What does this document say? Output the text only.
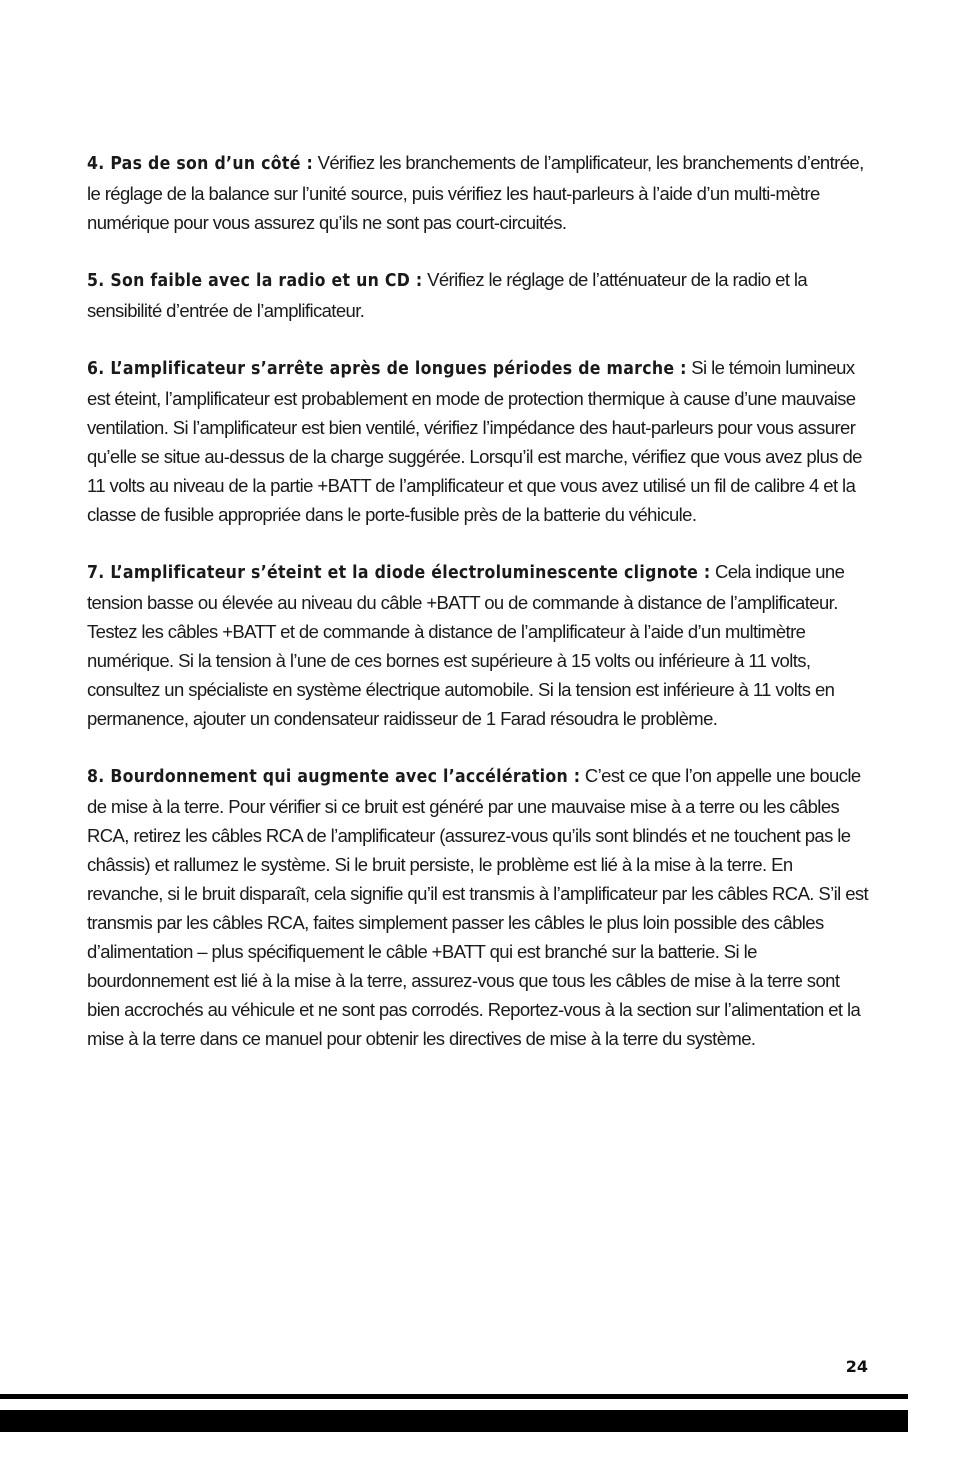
4. Pas de son d’un côté : Vérifiez les branchements de l’amplificateur, les branchements d’entrée, le réglage de la balance sur l’unité source, puis vérifiez les haut-parleurs à l’aide d’un multi-mètre numérique pour vous assurez qu’ils ne sont pas court-circuités.

5. Son faible avec la radio et un CD : Vérifiez le réglage de l’atténuateur de la radio et la sensibilité d’entrée de l’amplificateur.

6. L’amplificateur s’arrête après de longues périodes de marche : Si le témoin lumineux est éteint, l’amplificateur est probablement en mode de protection thermique à cause d’une mauvaise ventilation. Si l’amplificateur est bien ventilé, vérifiez l’impédance des haut-parleurs pour vous assurer qu’elle se situe au-dessus de la charge suggérée. Lorsqu’il est marche, vérifiez que vous avez plus de 11 volts au niveau de la partie +BATT de l’amplificateur et que vous avez utilisé un fil de calibre 4 et la classe de fusible appropriée dans le porte-fusible près de la batterie du véhicule.

7. L’amplificateur s’éteint et la diode électroluminescente clignote : Cela indique une tension basse ou élevée au niveau du câble +BATT ou de commande à distance de l’amplificateur. Testez les câbles +BATT et de commande à distance de l’amplificateur à l’aide d’un multimètre numérique. Si la tension à l’une de ces bornes est supérieure à 15 volts ou inférieure à 11 volts, consultez un spécialiste en système électrique automobile. Si la tension est inférieure à 11 volts en permanence, ajouter un condensateur raidisseur de 1 Farad résoudra le problème.

8. Bourdonnement qui augmente avec l’accélération : C’est ce que l’on appelle une boucle de mise à la terre. Pour vérifier si ce bruit est généré par une mauvaise mise à a terre ou les câbles RCA, retirez les câbles RCA de l’amplificateur (assurez-vous qu’ils sont blindés et ne touchent pas le châssis) et rallumez le système. Si le bruit persiste, le problème est lié à la mise à la terre. En revanche, si le bruit disparaît, cela signifie qu’il est transmis à l’amplificateur par les câbles RCA. S’il est transmis par les câbles RCA, faites simplement passer les câbles le plus loin possible des câbles d’alimentation – plus spécifiquement le câble +BATT qui est branché sur la batterie. Si le bourdonnement est lié à la mise à la terre, assurez-vous que tous les câbles de mise à la terre sont bien accrochés au véhicule et ne sont pas corrodés. Reportez-vous à la section sur l’alimentation et la mise à la terre dans ce manuel pour obtenir les directives de mise à la terre du système.

24
